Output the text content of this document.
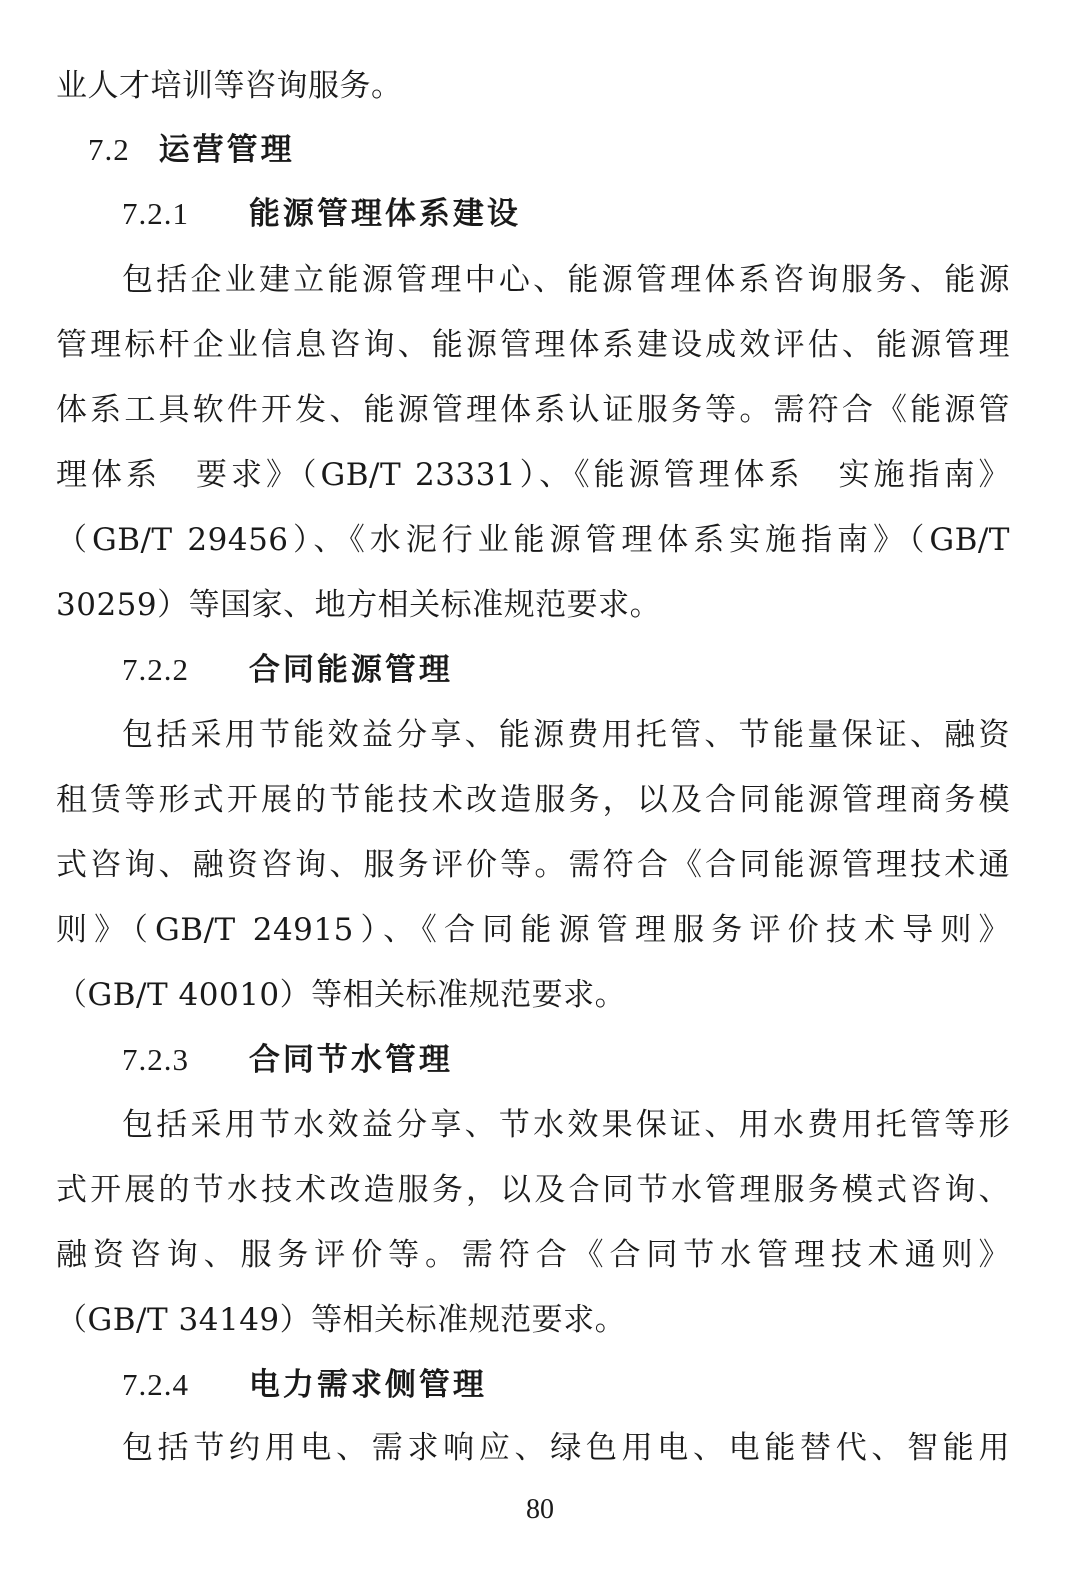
业人才培训等咨询服务。
7.2 运营管理
7.2.1 能源管理体系建设
包括企业建立能源管理中心、能源管理体系咨询服务、能源
管理标杆企业信息咨询、能源管理体系建设成效评估、能源管理
体系工具软件开发、能源管理体系认证服务等。需符合《能源管
理体系　要求》（GB/T 23331）、《能源管理体系　实施指南》
（GB/T 29456）、《水泥行业能源管理体系实施指南》（GB/T
30259）等国家、地方相关标准规范要求。
7.2.2 合同能源管理
包括采用节能效益分享、能源费用托管、节能量保证、融资
租赁等形式开展的节能技术改造服务，以及合同能源管理商务模
式咨询、融资咨询、服务评价等。需符合《合同能源管理技术通
则》（GB/T 24915）、《合同能源管理服务评价技术导则》
（GB/T 40010）等相关标准规范要求。
7.2.3 合同节水管理
包括采用节水效益分享、节水效果保证、用水费用托管等形
式开展的节水技术改造服务，以及合同节水管理服务模式咨询、
融资咨询、服务评价等。需符合《合同节水管理技术通则》
（GB/T 34149）等相关标准规范要求。
7.2.4 电力需求侧管理
包括节约用电、需求响应、绿色用电、电能替代、智能用
80
